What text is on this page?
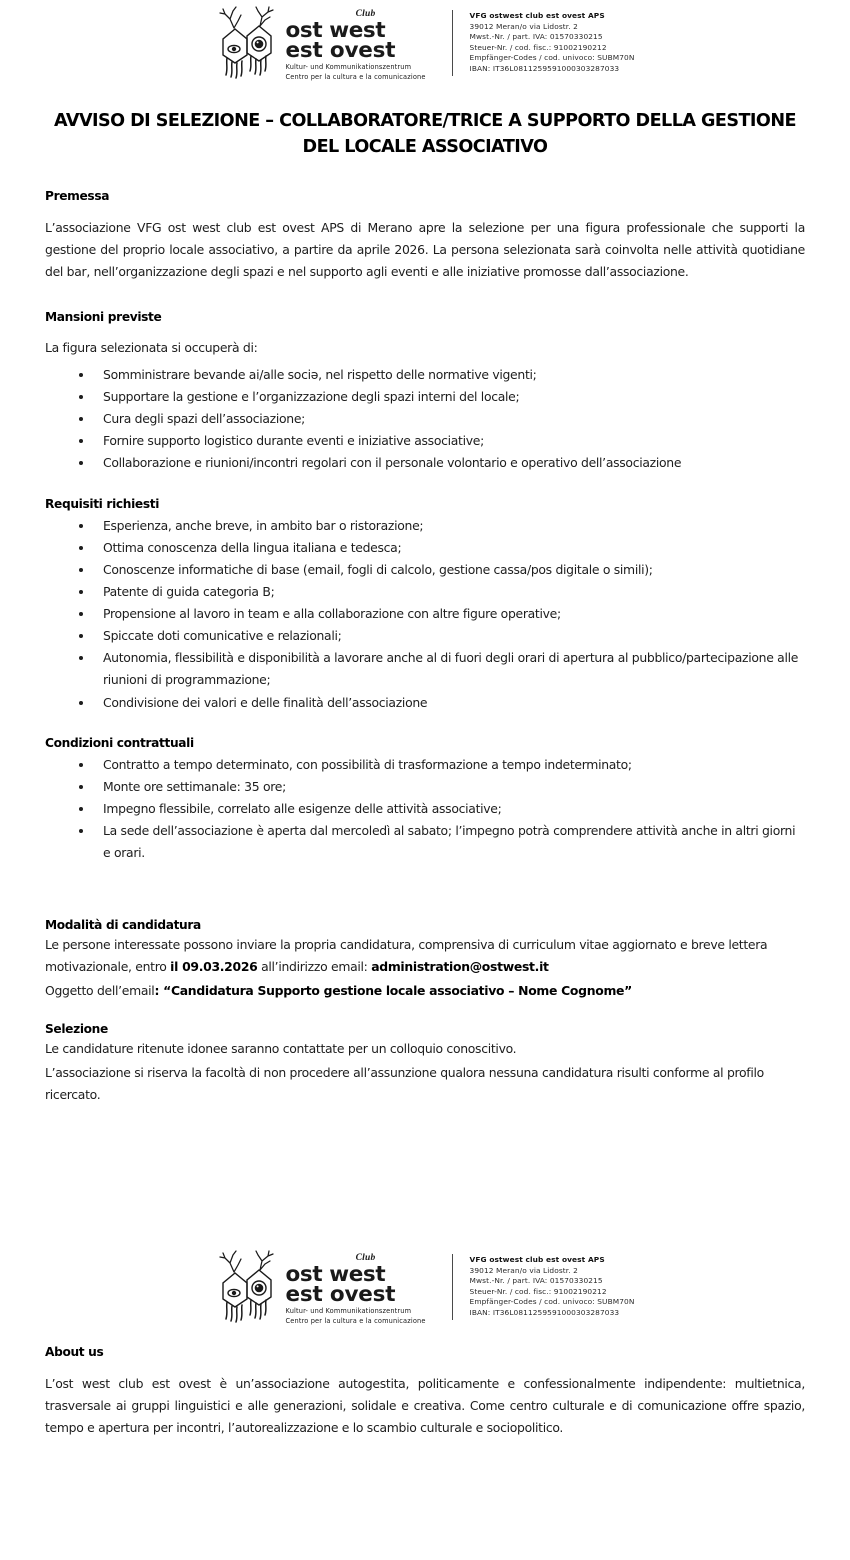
Club
ost west
est ovest
Kultur- und Kommunikationszentrum
Centro per la cultura e la comunicazione
VFG ostwest club est ovest APS
39012 Meran/o via Lidostr. 2
Mwst.-Nr. / part. IVA: 01570330215
Steuer-Nr. / cod. fisc.: 91002190212
Empfänger-Codes / cod. univoco: SUBM70N
IBAN: IT36L0811259591000303287033
AVVISO DI SELEZIONE – COLLABORATORE/TRICE A SUPPORTO DELLA GESTIONE DEL LOCALE ASSOCIATIVO
Premessa

L’associazione VFG ost west club est ovest APS di Merano apre la selezione per una figura professionale che supporti la gestione del proprio locale associativo, a partire da aprile 2026. La persona selezionata sarà coinvolta nelle attività quotidiane del bar, nell’organizzazione degli spazi e nel supporto agli eventi e alle iniziative promosse dall’associazione.

Mansioni previste

La figura selezionata si occuperà di:

Somministrare bevande ai/alle sociə, nel rispetto delle normative vigenti;
Supportare la gestione e l’organizzazione degli spazi interni del locale;
Cura degli spazi dell’associazione;
Fornire supporto logistico durante eventi e iniziative associative;
Collaborazione e riunioni/incontri regolari con il personale volontario e operativo dell’associazione
Requisiti richiesti
Esperienza, anche breve, in ambito bar o ristorazione;
Ottima conoscenza della lingua italiana e tedesca;
Conoscenze informatiche di base (email, fogli di calcolo, gestione cassa/pos digitale o simili);
Patente di guida categoria B;
Propensione al lavoro in team e alla collaborazione con altre figure operative;
Spiccate doti comunicative e relazionali;
Autonomia, flessibilità e disponibilità a lavorare anche al di fuori degli orari di apertura al pubblico/partecipazione alle riunioni di programmazione;
Condivisione dei valori e delle finalità dell’associazione
Condizioni contrattuali
Contratto a tempo determinato, con possibilità di trasformazione a tempo indeterminato;
Monte ore settimanale: 35 ore;
Impegno flessibile, correlato alle esigenze delle attività associative;
La sede dell’associazione è aperta dal mercoledì al sabato; l’impegno potrà comprendere attività anche in altri giorni e orari.
Modalità di candidatura

Le persone interessate possono inviare la propria candidatura, comprensiva di curriculum vitae aggiornato e breve lettera motivazionale, entro il 09.03.2026 all’indirizzo email: administration@ostwest.it

Oggetto dell’email: “Candidatura Supporto gestione locale associativo – Nome Cognome”

Selezione

Le candidature ritenute idonee saranno contattate per un colloquio conoscitivo.

L’associazione si riserva la facoltà di non procedere all’assunzione qualora nessuna candidatura risulti conforme al profilo ricercato.

Club
ost west
est ovest
Kultur- und Kommunikationszentrum
Centro per la cultura e la comunicazione
VFG ostwest club est ovest APS
39012 Meran/o via Lidostr. 2
Mwst.-Nr. / part. IVA: 01570330215
Steuer-Nr. / cod. fisc.: 91002190212
Empfänger-Codes / cod. univoco: SUBM70N
IBAN: IT36L0811259591000303287033
About us

L’ost west club est ovest è un’associazione autogestita, politicamente e confessionalmente indipendente: multietnica, trasversale ai gruppi linguistici e alle generazioni, solidale e creativa. Come centro culturale e di comunicazione offre spazio, tempo e apertura per incontri, l’autorealizzazione e lo scambio culturale e sociopolitico.
